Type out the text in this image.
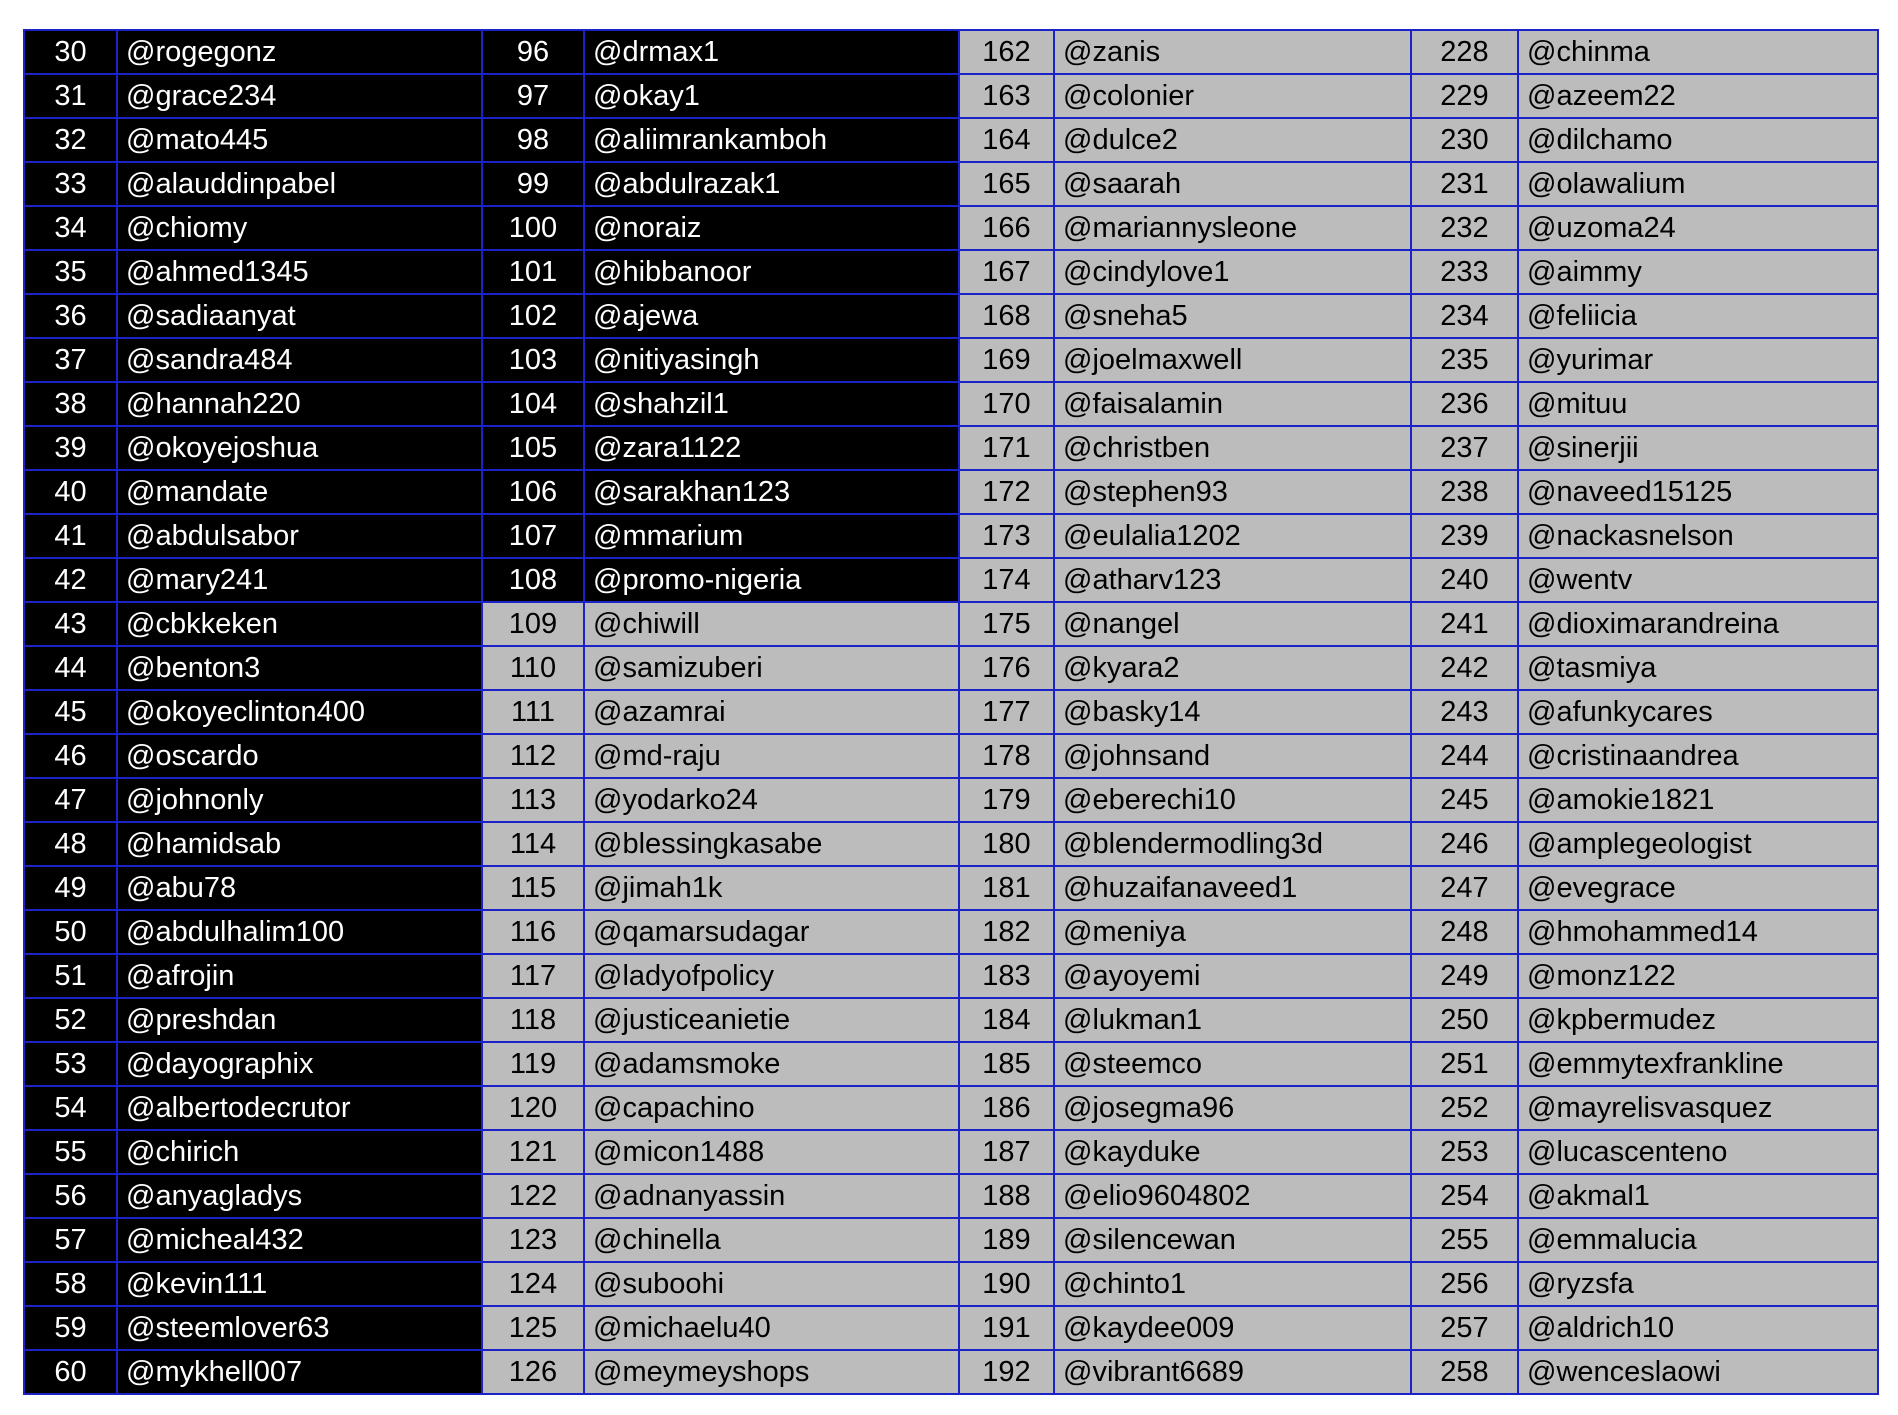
30	@rogegonz	96	@drmax1	162	@zanis	228	@chinma
31	@grace234	97	@okay1	163	@colonier	229	@azeem22
32	@mato445	98	@aliimrankamboh	164	@dulce2	230	@dilchamo
33	@alauddinpabel	99	@abdulrazak1	165	@saarah	231	@olawalium
34	@chiomy	100	@noraiz	166	@mariannysleone	232	@uzoma24
35	@ahmed1345	101	@hibbanoor	167	@cindylove1	233	@aimmy
36	@sadiaanyat	102	@ajewa	168	@sneha5	234	@feliicia
37	@sandra484	103	@nitiyasingh	169	@joelmaxwell	235	@yurimar
38	@hannah220	104	@shahzil1	170	@faisalamin	236	@mituu
39	@okoyejoshua	105	@zara1122	171	@christben	237	@sinerjii
40	@mandate	106	@sarakhan123	172	@stephen93	238	@naveed15125
41	@abdulsabor	107	@mmarium	173	@eulalia1202	239	@nackasnelson
42	@mary241	108	@promo-nigeria	174	@atharv123	240	@wentv
43	@cbkkeken	109	@chiwill	175	@nangel	241	@dioximarandreina
44	@benton3	110	@samizuberi	176	@kyara2	242	@tasmiya
45	@okoyeclinton400	111	@azamrai	177	@basky14	243	@afunkycares
46	@oscardo	112	@md-raju	178	@johnsand	244	@cristinaandrea
47	@johnonly	113	@yodarko24	179	@eberechi10	245	@amokie1821
48	@hamidsab	114	@blessingkasabe	180	@blendermodling3d	246	@amplegeologist
49	@abu78	115	@jimah1k	181	@huzaifanaveed1	247	@evegrace
50	@abdulhalim100	116	@qamarsudagar	182	@meniya	248	@hmohammed14
51	@afrojin	117	@ladyofpolicy	183	@ayoyemi	249	@monz122
52	@preshdan	118	@justiceanietie	184	@lukman1	250	@kpbermudez
53	@dayographix	119	@adamsmoke	185	@steemco	251	@emmytexfrankline
54	@albertodecrutor	120	@capachino	186	@josegma96	252	@mayrelisvasquez
55	@chirich	121	@micon1488	187	@kayduke	253	@lucascenteno
56	@anyagladys	122	@adnanyassin	188	@elio9604802	254	@akmal1
57	@micheal432	123	@chinella	189	@silencewan	255	@emmalucia
58	@kevin111	124	@suboohi	190	@chinto1	256	@ryzsfa
59	@steemlover63	125	@michaelu40	191	@kaydee009	257	@aldrich10
60	@mykhell007	126	@meymeyshops	192	@vibrant6689	258	@wenceslaowi
